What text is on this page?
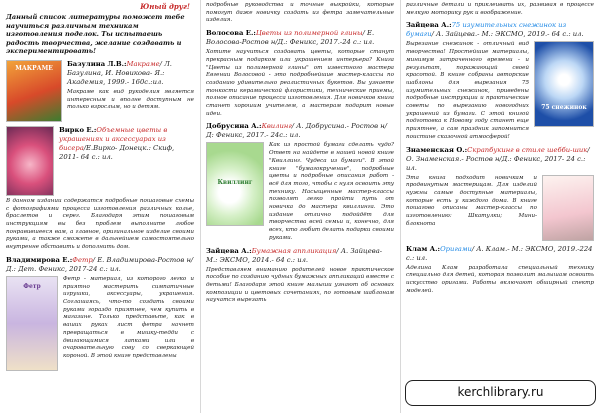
Юный друг!

Данный список литературы поможет тебе научиться различным техникам изготовления поделок. Ты испытаешь радость творчества, желание создавать и экспериментировать!

МАКРАМЕ

Базулина Л.В.:Макраме/ Л. Базулина, И. Новикова- Я.: Академия, 1999.- 160с.:ил.

Макраме как вид рукоделия является интересным и вполне доступным не только взрослым, но и детям.

Вирко Е.:Объемные цветы в украшениях и аксессуарах из бисера/Е.Вирко- Донецк.: Скиф, 2011- 64 с.: ил.

В данном издании содержатся подробные пошаговые схемы с фотографиями процесса изготовления различных колье, браслетов и серег. Благодаря этим пошаговым инструкциям вы без проблем выполните любое понравившееся вам, а главное, оригинальное изделие своими руками, а также сможете в дальнейшем самостоятельно внутренне обставить и дополнить дом.

Владимирова Е.:Фетр/ Е. Владимирова-Ростов н/Д.: Дет. Феникс, 2017-24 с.: ил.

Фетр

Фетр - материал, из которого легко и приятно мастерить симпатичные игрушки, аксессуары, украшения. Соглашаясь, что-то создать своими руками гораздо приятнее, чем купить в магазине. Только представьте, как в ваших руках лист фетра начнет превращаться в мишку-тедди с двигающимися лапками или в очаровательную сову со сверкающей короной. В этой книге представлены

подробные руководства и точные выкройки, которые помогут даже новичку создать из фетра замечательные изделия.

Волосова Е.:Цветы из полимерной глины/ Е. Волосова-Ростов н/Д.: Феникс, 2017.-24 с.: ил.

Хотите научиться создавать цветы, которые станут прекрасным подарком или украшением интерьера? Книга "Цветы из полимерной глины" от известного мастера Евгении Волосовой - это подробнейшие мастер-классы по созданию удивительно реалистичных букетов. Вы узнаете тонкости керамической флористики, технические приемы, полное описание процесса изготовления. Для новичков книга станет хорошим учителем, а мастерам подарит новые идеи.

Добрусина А.:Квилинг/ А. Добрусина.- Ростов н/Д: Феникс, 2017.- 24с.: ил.

Квиллинг

Как из простой бумаги сделать чудо? Ответ на найдете в нашей новой книге "Квиллинг. Чудеса из бумаги". В этой книге "бумагокручение", подробные цветы и подробные описания работ - всё для того, чтобы с нуля освоить эту технику. Насыщенные мастер-классы позволят легко пройти путь от новичка до мастера квиллинга. Это издание отлично подойдёт для творчества всей семьи и, конечно, для всех, кто любит делать подарки своими руками.

Зайцева А.:Бумажная аппликация/ А. Зайцева- М.: ЭКСМО, 2014.- 64 с.: ил.

Представляем вниманию родителей новое практическое пособие по созданию чудных бумажных аппликаций вместе с детьми! Благодаря этой книге малыши узнают об основах композиции и цветовых сочетаниях, по готовым шаблонам научатся вырезать

различные детали и приклеивать их, развивая в процессе мелкую моторику рук и воображение.

Зайцева А.:75 изумительных снежинок из бумаги/ А. Зайцева.- М.: ЭКСМО, 2019.- 64 с.: ил.

Вырезание снежинок - отличный вид творчества! Простейшие материалы, минимум затраченного времени - и результат, поражающий своей красотой. В книге собраны авторские шаблоны для вырезания 75 изумительных снежинок, приведены подробные инструкции и практические советы по вырезанию новогодних украшений из бумаги. С этой книгой подготовка к Новому году станет еще приятнее, а сам праздник запомнится поистине сказочной атмосферой!

75 снежинок

Знаменская О.:Скрапбукинг в стиле шебби-шик/ О. Знаменская.- Ростов н/Д.: Феникс, 2017- 24 с.: ил.

Эта книга подходит новичкам и продвинутым мастерицам. Для изделий нужны самые доступные материалы, которые есть у каждого дома. В книге пошагово описаны мастер-классы по изготовлению: Шкатулки; Мини-блокнота

Клам А.:Оригами/ А. Клам.- М.: ЭКСМО, 2019.-224 с.: ил.

Аделина Клам разработала специальный технику специально для детей, которая позволит малышам освоить искусство оригами. Работы включают обширный спектр моделей.

kerchlibrary.ru
